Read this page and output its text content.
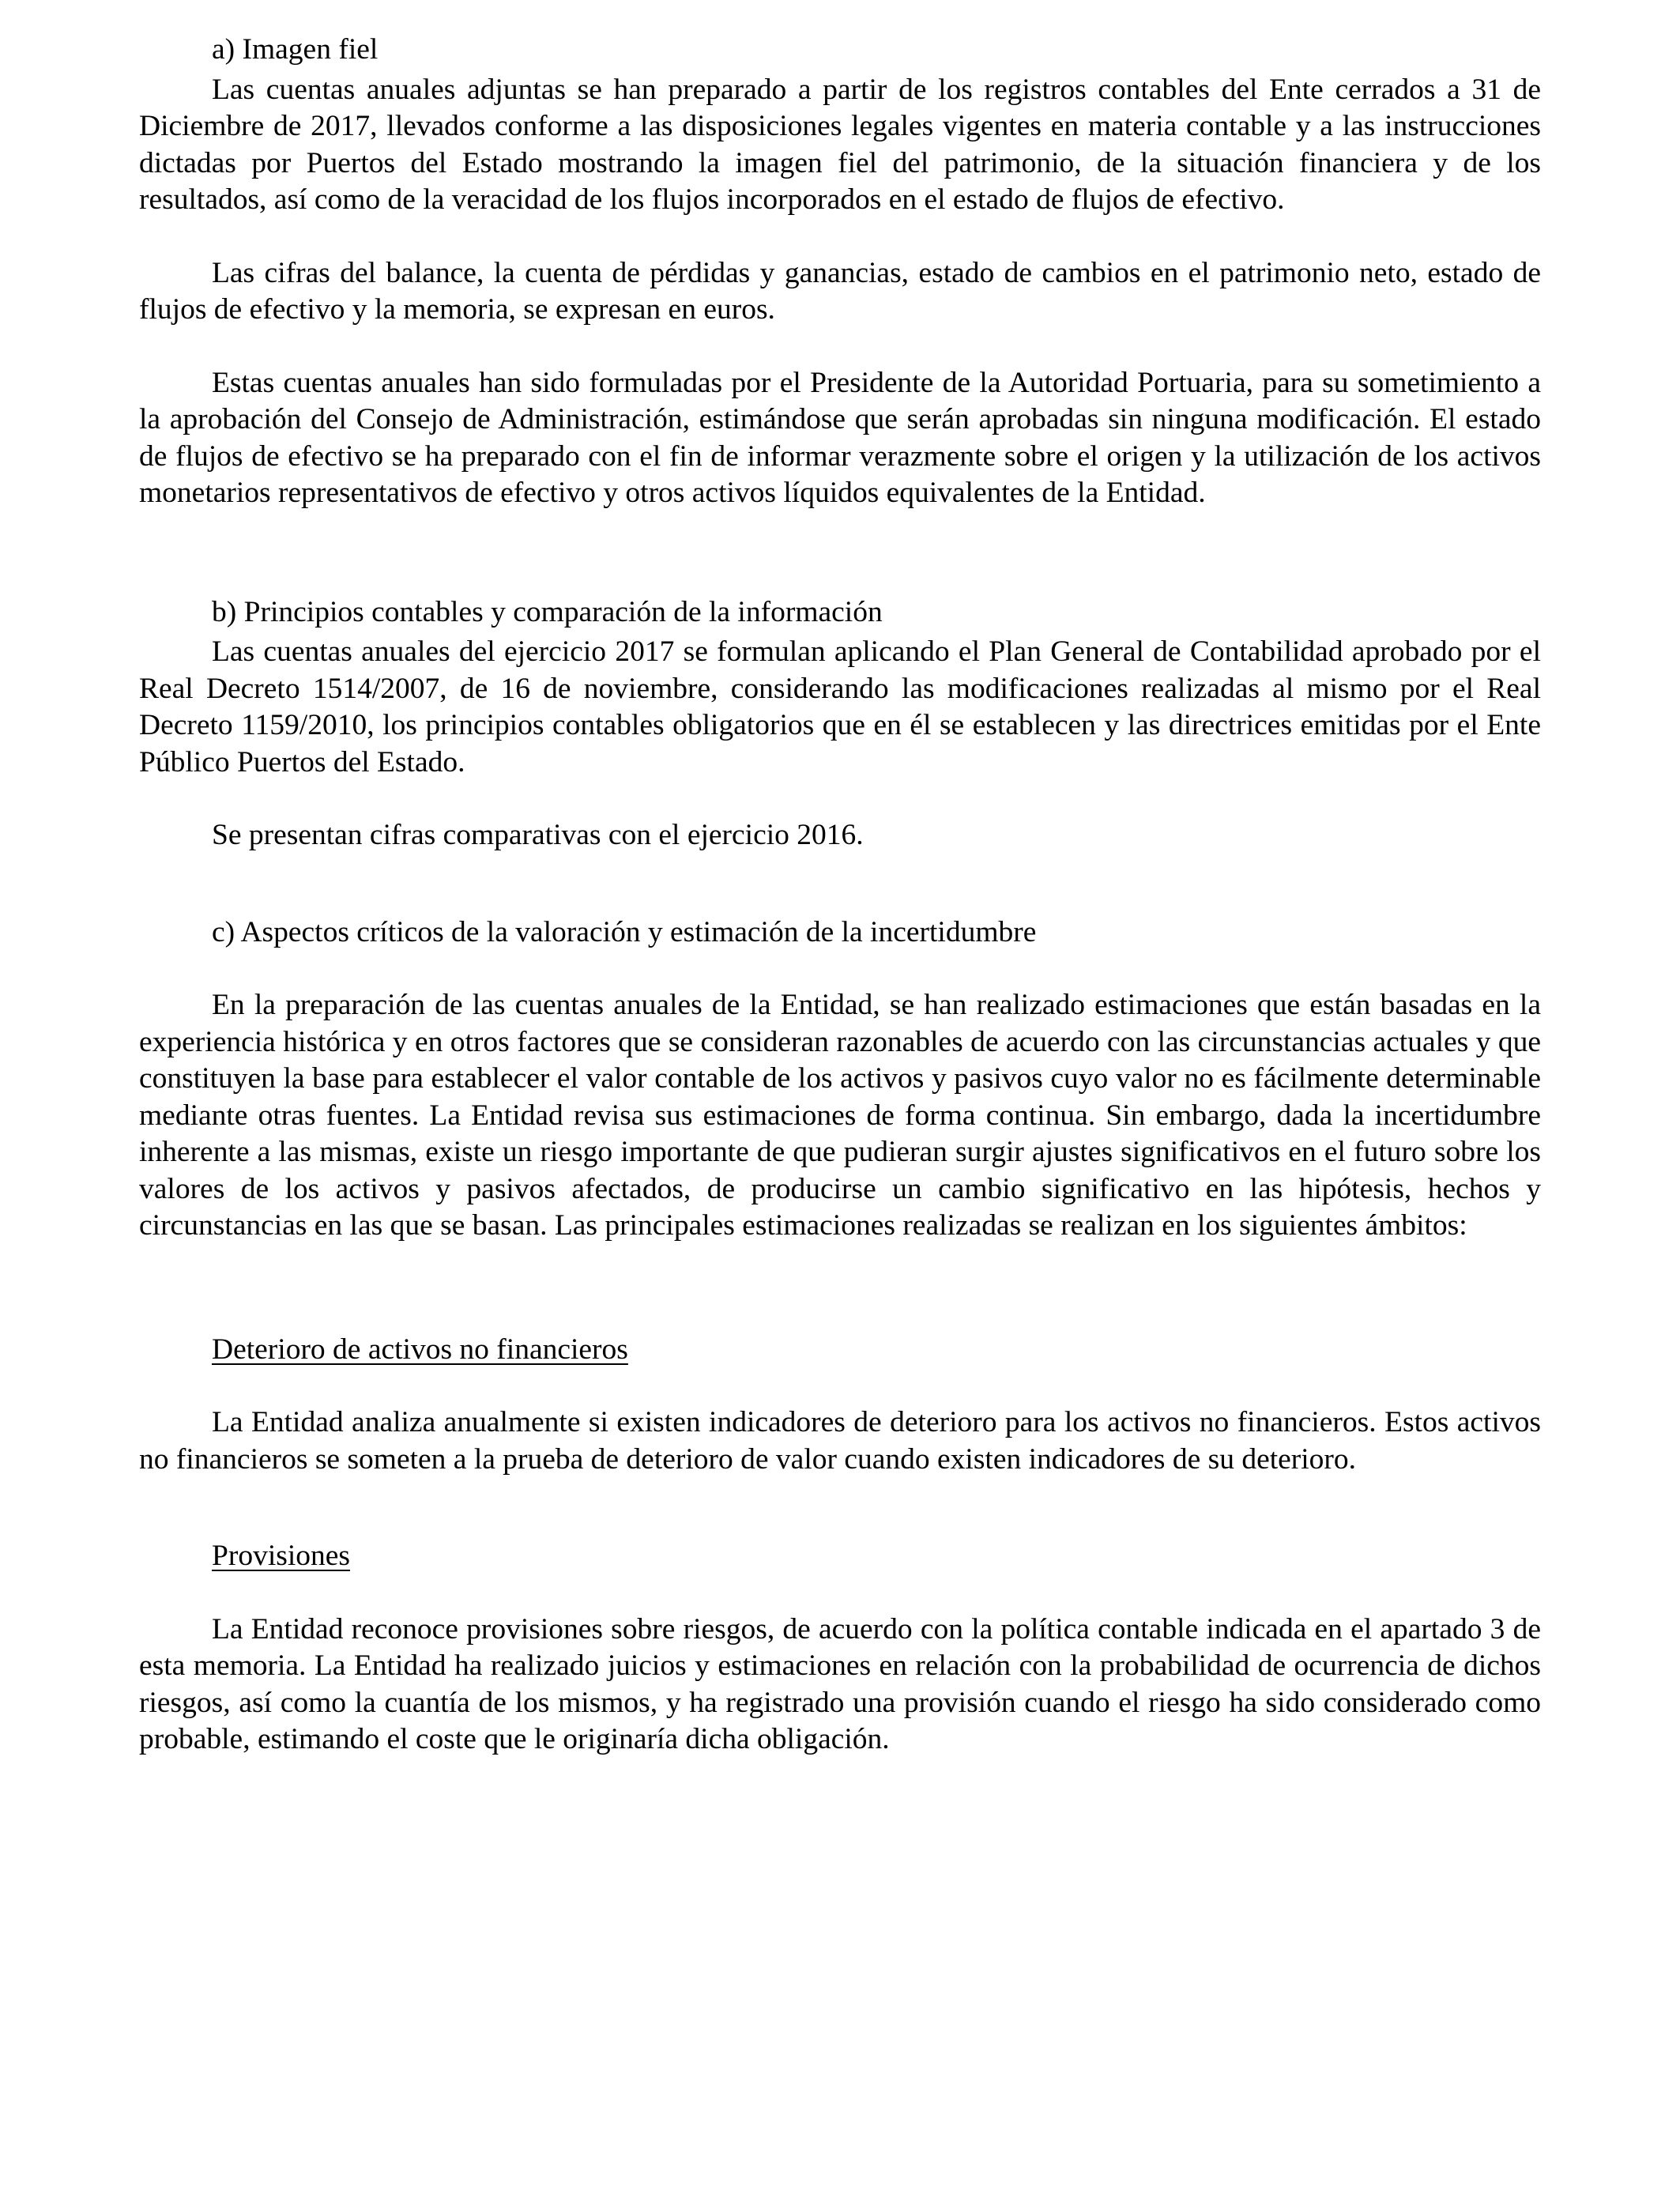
a) Imagen fiel

Las cuentas anuales adjuntas se han preparado a partir de los registros contables del Ente cerrados a 31 de Diciembre de 2017, llevados conforme a las disposiciones legales vigentes en materia contable y a las instrucciones dictadas por Puertos del Estado mostrando la imagen fiel del patrimonio, de la situación financiera y de los resultados, así como de la veracidad de los flujos incorporados en el estado de flujos de efectivo.

Las cifras del balance, la cuenta de pérdidas y ganancias, estado de cambios en el patrimonio neto, estado de flujos de efectivo y la memoria, se expresan en euros.

Estas cuentas anuales han sido formuladas por el Presidente de la Autoridad Portuaria, para su sometimiento a la aprobación del Consejo de Administración, estimándose que serán aprobadas sin ninguna modificación. El estado de flujos de efectivo se ha preparado con el fin de informar verazmente sobre el origen y la utilización de los activos monetarios representativos de efectivo y otros activos líquidos equivalentes de la Entidad.

b) Principios contables y comparación de la información

Las cuentas anuales del ejercicio 2017 se formulan aplicando el Plan General de Contabilidad aprobado por el Real Decreto 1514/2007, de 16 de noviembre, considerando las modificaciones realizadas al mismo por el Real Decreto 1159/2010, los principios contables obligatorios que en él se establecen y las directrices emitidas por el Ente Público Puertos del Estado.

Se presentan cifras comparativas con el ejercicio 2016.

c) Aspectos críticos de la valoración y estimación de la incertidumbre

En la preparación de las cuentas anuales de la Entidad, se han realizado estimaciones que están basadas en la experiencia histórica y en otros factores que se consideran razonables de acuerdo con las circunstancias actuales y que constituyen la base para establecer el valor contable de los activos y pasivos cuyo valor no es fácilmente determinable mediante otras fuentes. La Entidad revisa sus estimaciones de forma continua. Sin embargo, dada la incertidumbre inherente a las mismas, existe un riesgo importante de que pudieran surgir ajustes significativos en el futuro sobre los valores de los activos y pasivos afectados, de producirse un cambio significativo en las hipótesis, hechos y circunstancias en las que se basan. Las principales estimaciones realizadas se realizan en los siguientes ámbitos:

Deterioro de activos no financieros

La Entidad analiza anualmente si existen indicadores de deterioro para los activos no financieros. Estos activos no financieros se someten a la prueba de deterioro de valor cuando existen indicadores de su deterioro.

Provisiones

La Entidad reconoce provisiones sobre riesgos, de acuerdo con la política contable indicada en el apartado 3 de esta memoria. La Entidad ha realizado juicios y estimaciones en relación con la probabilidad de ocurrencia de dichos riesgos, así como la cuantía de los mismos, y ha registrado una provisión cuando el riesgo ha sido considerado como probable, estimando el coste que le originaría dicha obligación.
